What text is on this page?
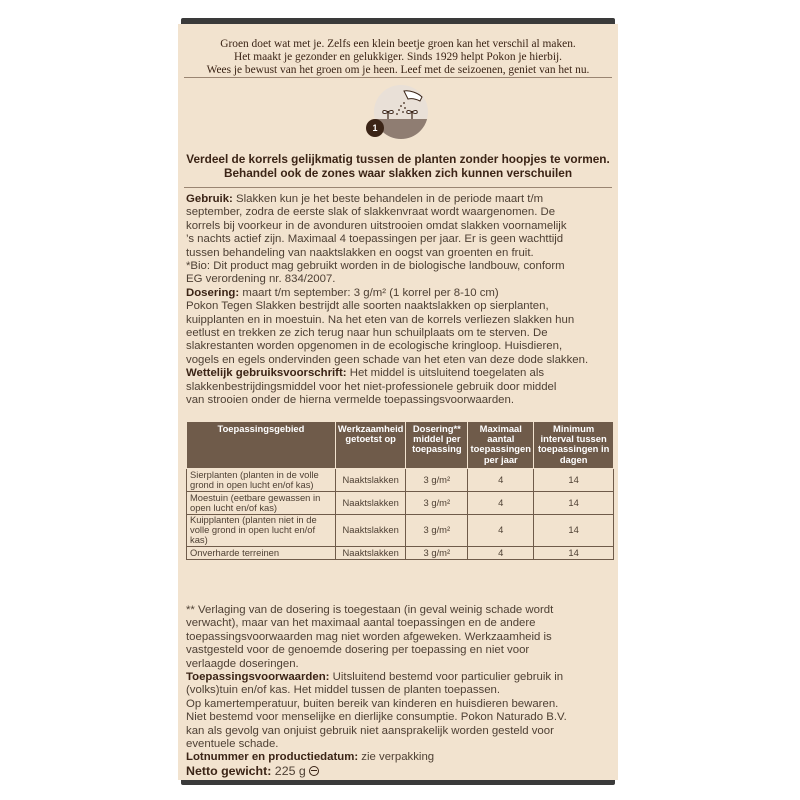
Groen doet wat met je. Zelfs een klein beetje groen kan het verschil al maken.
Het maakt je gezonder en gelukkiger. Sinds 1929 helpt Pokon je hierbij.
Wees je bewust van het groen om je heen. Leef met de seizoenen, geniet van het nu.
1
Verdeel de korrels gelijkmatig tussen de planten zonder hoopjes te vormen.
Behandel ook de zones waar slakken zich kunnen verschuilen
Gebruik: Slakken kun je het beste behandelen in de periode maart t/m
september, zodra de eerste slak of slakkenvraat wordt waargenomen. De
korrels bij voorkeur in de avonduren uitstrooien omdat slakken voornamelijk
’s nachts actief zijn. Maximaal 4 toepassingen per jaar. Er is geen wachttijd
tussen behandeling van naaktslakken en oogst van groenten en fruit.
*Bio: Dit product mag gebruikt worden in de biologische landbouw, conform
EG verordening nr. 834/2007.
Dosering: maart t/m september: 3 g/m² (1 korrel per 8-10 cm)
Pokon Tegen Slakken bestrijdt alle soorten naaktslakken op sierplanten,
kuipplanten en in moestuin. Na het eten van de korrels verliezen slakken hun
eetlust en trekken ze zich terug naar hun schuilplaats om te sterven. De
slakrestanten worden opgenomen in de ecologische kringloop. Huisdieren,
vogels en egels ondervinden geen schade van het eten van deze dode slakken.
Wettelijk gebruiksvoorschrift: Het middel is uitsluitend toegelaten als
slakkenbestrijdingsmiddel voor het niet-professionele gebruik door middel
van strooien onder de hierna vermelde toepassingsvoorwaarden.
Toepassingsgebied	Werkzaamheid getoetst op	Dosering** middel per toepassing	Maximaal aantal toepassingen per jaar	Minimum interval tussen toepassingen in dagen

Sierplanten (planten in de volle
grond in open lucht en/of kas)	Naaktslakken	3 g/m²	4	14

Moestuin (eetbare gewassen in
open lucht en/of kas)	Naaktslakken	3 g/m²	4	14

Kuipplanten (planten niet in de
volle grond in open lucht en/of kas)	Naaktslakken	3 g/m²	4	14

Onverharde terreinen	Naaktslakken	3 g/m²	4	14
** Verlaging van de dosering is toegestaan (in geval weinig schade wordt
verwacht), maar van het maximaal aantal toepassingen en de andere
toepassingsvoorwaarden mag niet worden afgeweken. Werkzaamheid is
vastgesteld voor de genoemde dosering per toepassing en niet voor
verlaagde doseringen.
Toepassingsvoorwaarden: Uitsluitend bestemd voor particulier gebruik in
(volks)tuin en/of kas. Het middel tussen de planten toepassen.
Op kamertemperatuur, buiten bereik van kinderen en huisdieren bewaren.
Niet bestemd voor menselijke en dierlijke consumptie. Pokon Naturado B.V.
kan als gevolg van onjuist gebruik niet aansprakelijk worden gesteld voor
eventuele schade.
Lotnummer en productiedatum: zie verpakking
Netto gewicht: 225 g
